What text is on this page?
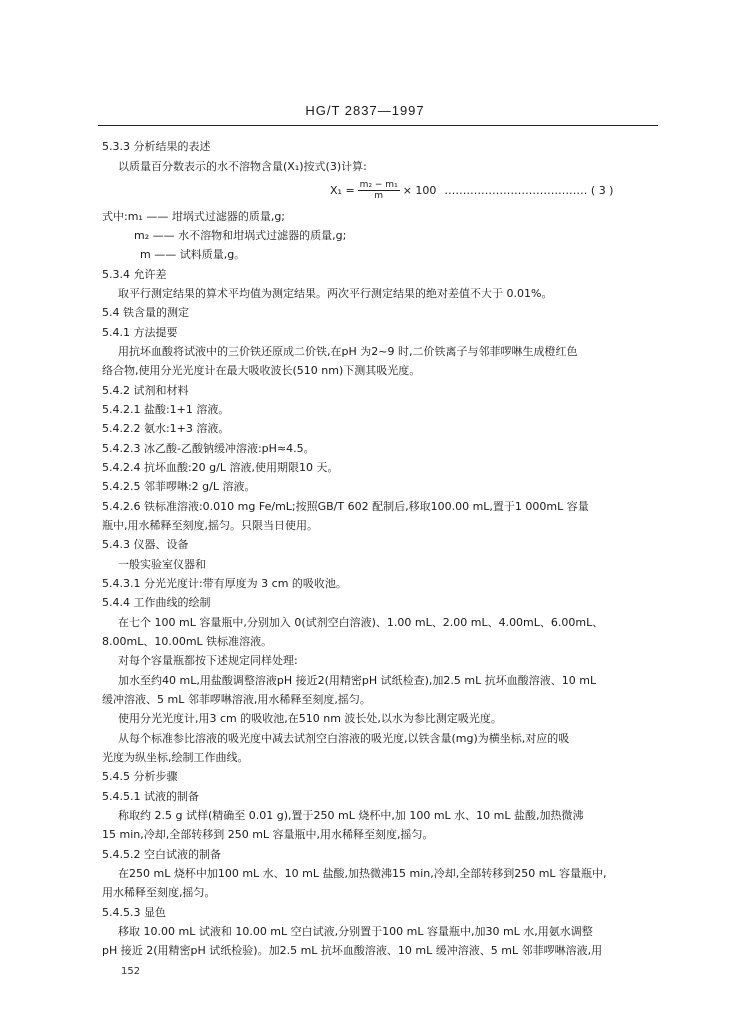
HG/T 2837—1997
$X_1 = \frac{\text{m₂ − m₁}}{m} \times 100$ ………………………………… ( 3 )
5.3.3 分析结果的表述
以质量百分数表示的水不溶物含量(X₁)按式(3)计算:
式中:m₁ —— 坩埚式过滤器的质量,g;
m₂ —— 水不溶物和坩埚式过滤器的质量,g;
m —— 试料质量,g。
5.3.4 允许差
取平行测定结果的算术平均值为测定结果。两次平行测定结果的绝对差值不大于 0.01%。
5.4 铁含量的测定
5.4.1 方法提要
用抗坏血酸将试液中的三价铁还原成二价铁,在pH 为2~9 时,二价铁离子与邻菲啰啉生成橙红色
络合物,使用分光光度计在最大吸收波长(510 nm)下测其吸光度。
5.4.2 试剂和材料
5.4.2.1 盐酸:1+1 溶液。
5.4.2.2 氨水:1+3 溶液。
5.4.2.3 冰乙酸-乙酸钠缓冲溶液:pH≈4.5。
5.4.2.4 抗坏血酸:20 g/L 溶液,使用期限10 天。
5.4.2.5 邻菲啰啉:2 g/L 溶液。
5.4.2.6 铁标准溶液:0.010 mg Fe/mL;按照GB/T 602 配制后,移取100.00 mL,置于1 000mL 容量
瓶中,用水稀释至刻度,摇匀。只限当日使用。
5.4.3 仪器、设备
一般实验室仪器和
5.4.3.1 分光光度计:带有厚度为 3 cm 的吸收池。
5.4.4 工作曲线的绘制
在七个 100 mL 容量瓶中,分别加入 0(试剂空白溶液)、1.00 mL、2.00 mL、4.00mL、6.00mL、
8.00mL、10.00mL 铁标准溶液。
对每个容量瓶都按下述规定同样处理:
加水至约40 mL,用盐酸调整溶液pH 接近2(用精密pH 试纸检查),加2.5 mL 抗坏血酸溶液、10 mL
缓冲溶液、5 mL 邻菲啰啉溶液,用水稀释至刻度,摇匀。
使用分光光度计,用3 cm 的吸收池,在510 nm 波长处,以水为参比测定吸光度。
从每个标准参比溶液的吸光度中减去试剂空白溶液的吸光度,以铁含量(mg)为横坐标,对应的吸
光度为纵坐标,绘制工作曲线。
5.4.5 分析步骤
5.4.5.1 试液的制备
称取约 2.5 g 试样(精确至 0.01 g),置于250 mL 烧杯中,加 100 mL 水、10 mL 盐酸,加热微沸
15 min,冷却,全部转移到 250 mL 容量瓶中,用水稀释至刻度,摇匀。
5.4.5.2 空白试液的制备
在250 mL 烧杯中加100 mL 水、10 mL 盐酸,加热微沸15 min,冷却,全部转移到250 mL 容量瓶中,
用水稀释至刻度,摇匀。
5.4.5.3 显色
移取 10.00 mL 试液和 10.00 mL 空白试液,分别置于100 mL 容量瓶中,加30 mL 水,用氨水调整
pH 接近 2(用精密pH 试纸检验)。加2.5 mL 抗坏血酸溶液、10 mL 缓冲溶液、5 mL 邻菲啰啉溶液,用
152
